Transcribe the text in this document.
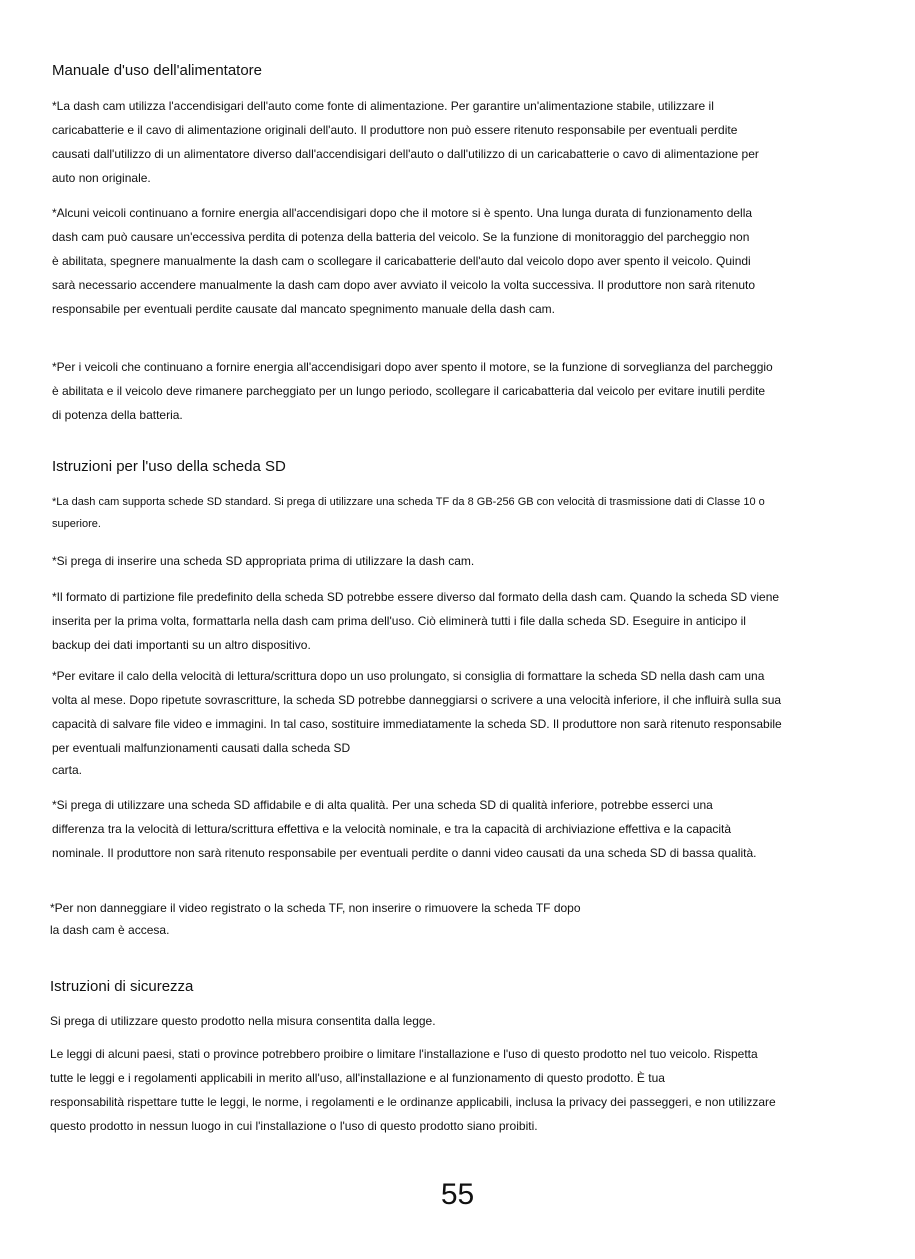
Manuale d'uso dell'alimentatore

*La dash cam utilizza l'accendisigari dell'auto come fonte di alimentazione. Per garantire un'alimentazione stabile, utilizzare il
caricabatterie e il cavo di alimentazione originali dell'auto. Il produttore non può essere ritenuto responsabile per eventuali perdite
causati dall'utilizzo di un alimentatore diverso dall'accendisigari dell'auto o dall'utilizzo di un caricabatterie o cavo di alimentazione per
auto non originale.

*Alcuni veicoli continuano a fornire energia all'accendisigari dopo che il motore si è spento. Una lunga durata di funzionamento della
dash cam può causare un'eccessiva perdita di potenza della batteria del veicolo. Se la funzione di monitoraggio del parcheggio non
è abilitata, spegnere manualmente la dash cam o scollegare il caricabatterie dell'auto dal veicolo dopo aver spento il veicolo. Quindi
sarà necessario accendere manualmente la dash cam dopo aver avviato il veicolo la volta successiva. Il produttore non sarà ritenuto
responsabile per eventuali perdite causate dal mancato spegnimento manuale della dash cam.

*Per i veicoli che continuano a fornire energia all'accendisigari dopo aver spento il motore, se la funzione di sorveglianza del parcheggio
è abilitata e il veicolo deve rimanere parcheggiato per un lungo periodo, scollegare il caricabatteria dal veicolo per evitare inutili perdite
di potenza della batteria.

Istruzioni per l'uso della scheda SD

*La dash cam supporta schede SD standard. Si prega di utilizzare una scheda TF da 8 GB-256 GB con velocità di trasmissione dati di Classe 10 o
superiore.

*Si prega di inserire una scheda SD appropriata prima di utilizzare la dash cam.

*Il formato di partizione file predefinito della scheda SD potrebbe essere diverso dal formato della dash cam. Quando la scheda SD viene
inserita per la prima volta, formattarla nella dash cam prima dell'uso. Ciò eliminerà tutti i file dalla scheda SD. Eseguire in anticipo il
backup dei dati importanti su un altro dispositivo.

*Per evitare il calo della velocità di lettura/scrittura dopo un uso prolungato, si consiglia di formattare la scheda SD nella dash cam una
volta al mese. Dopo ripetute sovrascritture, la scheda SD potrebbe danneggiarsi o scrivere a una velocità inferiore, il che influirà sulla sua
capacità di salvare file video e immagini. In tal caso, sostituire immediatamente la scheda SD. Il produttore non sarà ritenuto responsabile
per eventuali malfunzionamenti causati dalla scheda SD
carta.

*Si prega di utilizzare una scheda SD affidabile e di alta qualità. Per una scheda SD di qualità inferiore, potrebbe esserci una
differenza tra la velocità di lettura/scrittura effettiva e la velocità nominale, e tra la capacità di archiviazione effettiva e la capacità
nominale. Il produttore non sarà ritenuto responsabile per eventuali perdite o danni video causati da una scheda SD di bassa qualità.

*Per non danneggiare il video registrato o la scheda TF, non inserire o rimuovere la scheda TF dopo
la dash cam è accesa.

Istruzioni di sicurezza

Si prega di utilizzare questo prodotto nella misura consentita dalla legge.

Le leggi di alcuni paesi, stati o province potrebbero proibire o limitare l'installazione e l'uso di questo prodotto nel tuo veicolo. Rispetta
tutte le leggi e i regolamenti applicabili in merito all'uso, all'installazione e al funzionamento di questo prodotto. È tua
responsabilità rispettare tutte le leggi, le norme, i regolamenti e le ordinanze applicabili, inclusa la privacy dei passeggeri, e non utilizzare
questo prodotto in nessun luogo in cui l'installazione o l'uso di questo prodotto siano proibiti.

55
